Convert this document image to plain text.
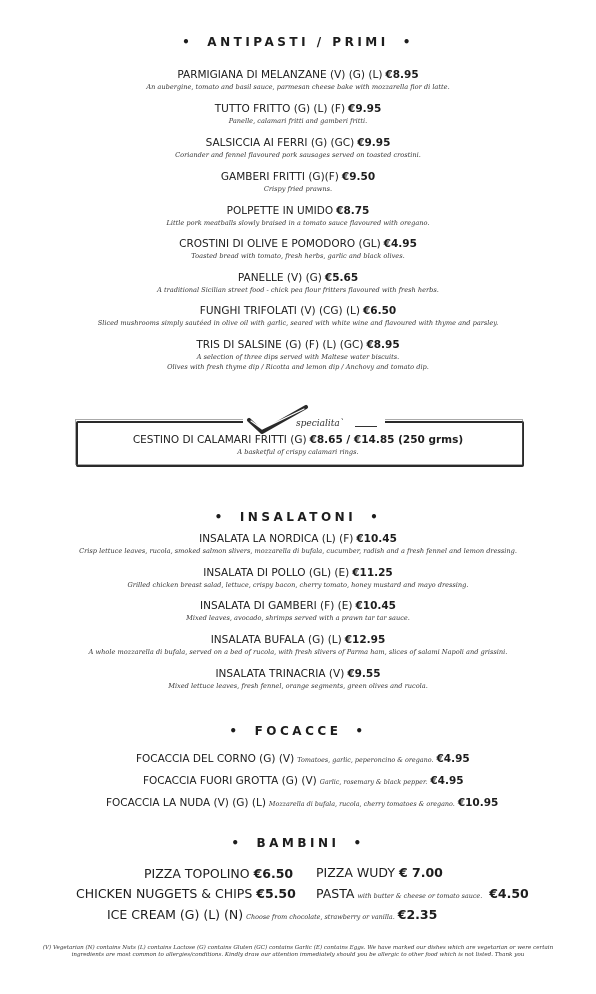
• ANTIPASTI / PRIMI •
PARMIGIANA DI MELANZANE (V) (G) (L) €8.95
An aubergine, tomato and basil sauce, parmesan cheese bake with mozzarella fior di latte.
TUTTO FRITTO (G) (L) (F) €9.95
Panelle, calamari fritti and gamberi fritti.
SALSICCIA AI FERRI (G) (GC) €9.95
Coriander and fennel flavoured pork sausages served on toasted crostini.
GAMBERI FRITTI (G)(F) €9.50
Crispy fried prawns.
POLPETTE IN UMIDO €8.75
Little pork meatballs slowly braised in a tomato sauce flavoured with oregano.
CROSTINI DI OLIVE E POMODORO (GL) €4.95
Toasted bread with tomato, fresh herbs, garlic and black olives.
PANELLE (V) (G) €5.65
A traditional Sicilian street food - chick pea flour fritters flavoured with fresh herbs.
FUNGHI TRIFOLATI (V) (CG) (L) €6.50
Sliced mushrooms simply sautéed in olive oil with garlic, seared with white wine and flavoured with thyme and parsley.
TRIS DI SALSINE (G) (F) (L) (GC) €8.95
A selection of three dips served with Maltese water biscuits.
Olives with fresh thyme dip / Ricotta and lemon dip / Anchovy and tomato dip.
specialita`
CESTINO DI CALAMARI FRITTI (G) €8.65 / €14.85 (250 grms)
A basketful of crispy calamari rings.
• INSALATONI •
INSALATA LA NORDICA (L) (F) €10.45
Crisp lettuce leaves, rucola, smoked salmon slivers, mozzarella di bufala, cucumber, radish and a fresh fennel and lemon dressing.
INSALATA DI POLLO (GL) (E) €11.25
Grilled chicken breast salad, lettuce, crispy bacon, cherry tomato, honey mustard and mayo dressing.
INSALATA DI GAMBERI (F) (E) €10.45
Mixed leaves, avocado, shrimps served with a prawn tar tar sauce.
INSALATA BUFALA (G) (L) €12.95
A whole mozzarella di bufala, served on a bed of rucola, with fresh slivers of Parma ham, slices of salami Napoli and grissini.
INSALATA TRINACRIA (V) €9.55
Mixed lettuce leaves, fresh fennel, orange segments, green olives and rucola.
• FOCACCE •
FOCACCIA DEL CORNO (G) (V) Tomatoes, garlic, peperoncino & oregano. €4.95
FOCACCIA FUORI GROTTA (G) (V) Garlic, rosemary & black pepper. €4.95
FOCACCIA LA NUDA (V) (G) (L) Mozzarella di bufala, rucola, cherry tomatoes & oregano. €10.95
• BAMBINI •
PIZZA TOPOLINO €6.50 PIZZA WUDY € 7.00
CHICKEN NUGGETS & CHIPS €5.50 PASTA with butter & cheese or tomato sauce. €4.50
ICE CREAM (G) (L) (N) Choose from chocolate, strawberry or vanilla. €2.35
(V) Vegetarian (N) contains Nuts (L) contains Lactose (G) contains Gluten (GC) contains Garlic (E) contains Eggs. We have marked our dishes which are vegetarian or were certain
ingredients are most common to allergies/conditions. Kindly draw our attention immediately should you be allergic to other food which is not listed. Thank you
